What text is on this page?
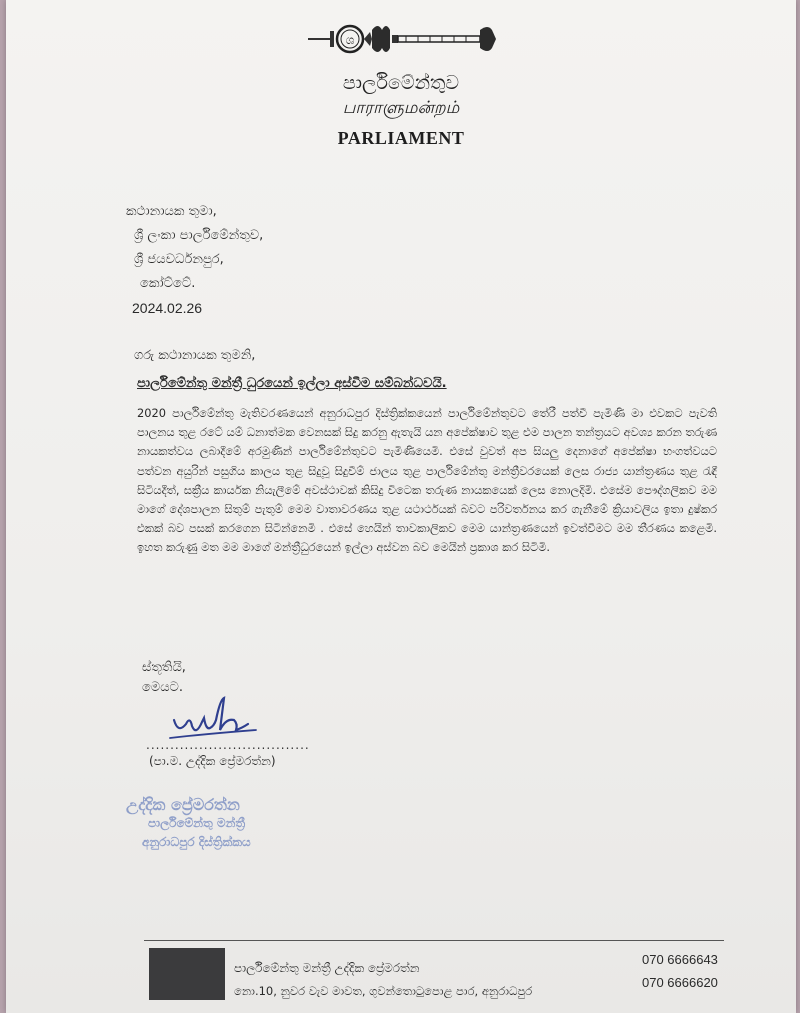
ශ
පාර්ලිමේන්තුව
பாராளுமன்றம்
PARLIAMENT
කථානායක තුමා,
ශ්‍රී ලංකා පාර්ලිමේන්තුව,
ශ්‍රී ජයවර්ධනපුර,
කෝට්ටේ.
2024.02.26
ගරු කථානායක තුමනි,
පාර්ලිමේන්තු මන්ත්‍රී ධුරයෙන් ඉල්ලා අස්වීම සම්බන්ධවයි.
2020 පාර්ලිමේන්තු මැතිවරණයෙන් අනුරාධපුර දිස්ත්‍රික්කයෙන් පාර්ලිමේන්තුවට තේරී පත්වී පැමිණි මා එවකට පැවති පාලනය තුළ රටේ යම් ධනාත්මක වෙනසක් සිදු කරනු ඇතැයි යන අපේක්ෂාව තුළ එම පාලන තන්ත්‍රයට අවශ්‍ය කරන තරුණ නායකත්වය ලබාදීමේ අරමුණින් පාර්ලිමේන්තුවට පැමිණියෙමි. එසේ වුවත් අප සියලු දෙනාගේ අපේක්ෂා භංගත්වයට පත්වන අයුරින් පසුගිය කාලය තුළ සිදුවූ සිදුවීම් ජාලය තුළ පාර්ලිමේන්තු මන්ත්‍රීවරයෙක් ලෙස රාජ්‍ය යාන්ත්‍රණය තුළ රැඳී සිටියදීත්, සක්‍රීය කාර්යක නියැලීමේ අවස්ථාවක් කිසිදු විටෙක තරුණ නායකයෙක් ලෙස නොලදිමි. එසේම පෞද්ගලිකව මම මාගේ දේශපාලන සිතුම් පැතුම් මෙම වාතාවරණය තුළ යථාර්ථයක් බවට පරිවර්තනය කර ගැනීමේ ක්‍රියාවලිය ඉතා දුෂ්කර එකක් බව පසක් කරගෙන සිටින්නෙමි . එසේ හෙයින් තාවකාලිකව මෙම යාන්ත්‍රණයෙන් ඉවත්වීමට මම තීරණය කළෙමි. ඉහත කරුණු මත මම මාගේ මන්ත්‍රීධුරයෙන් ඉල්ලා අස්වන බව මෙයින් ප්‍රකාශ කර සිටිමි.
ස්තූතියි,
මෙයට.
..................................
(පා.ම. උද්දික ප්‍රේමරත්න)
උද්දික ප්‍රේමරත්න
පාර්ලිමේන්තු මන්ත්‍රී
අනුරාධපුර දිස්ත්‍රික්කය
පාර්ලිමේන්තු මන්ත්‍රී උද්දික ප්‍රේමරත්න
නො.10, නුවර වැව මාවත, ගුවන්තොටුපොළ පාර, අනුරාධපුර
070 6666643
070 6666620
